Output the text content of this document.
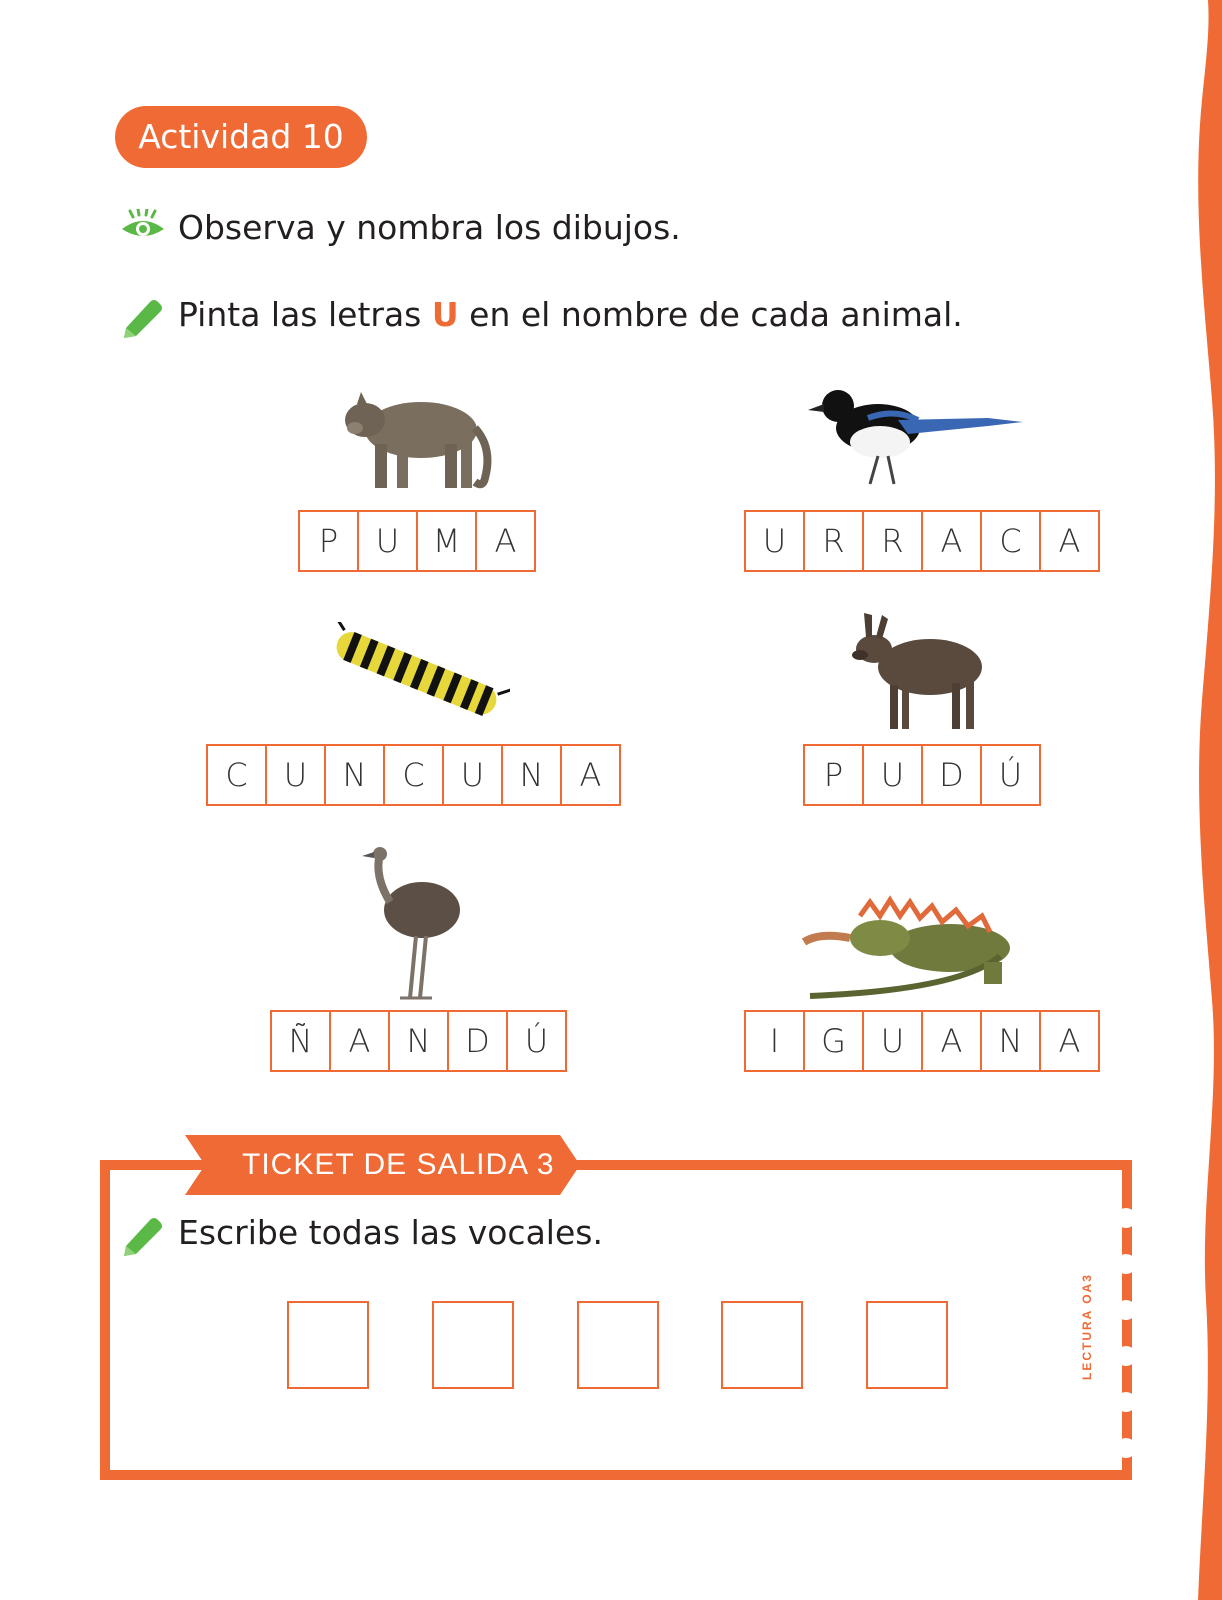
17
Actividad 10
Observa y nombra los dibujos.
Pinta las letras U en el nombre de cada animal.
P	U	M	A	U	R	R	A	C	A
C	U	N	C	U	N	A	P	U	D	Ú
Ñ	A	N	D	Ú	I	G	U	A	N	A
TICKET DE SALIDA 3
Escribe todas las vocales.
LECTURA OA3
